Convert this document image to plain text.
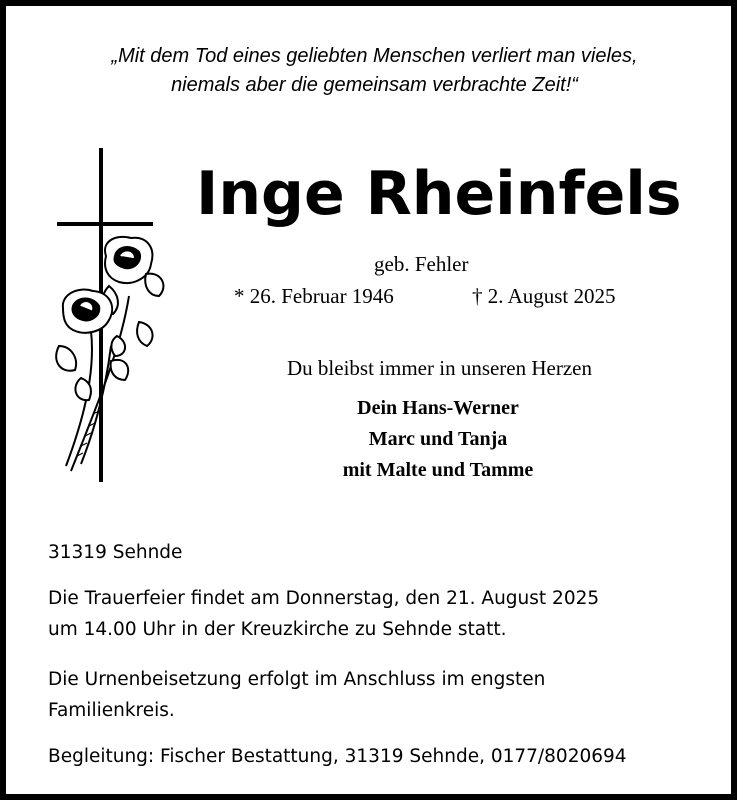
„Mit dem Tod eines geliebten Menschen verliert man vieles,
niemals aber die gemeinsam verbrachte Zeit!“
Inge Rheinfels
geb. Fehler
* 26. Februar 1946	† 2. August 2025
Du bleibst immer in unseren Herzen
Dein Hans-Werner
Marc und Tanja
mit Malte und Tamme
31319 Sehnde
Die Trauerfeier findet am Donnerstag, den 21. August 2025
um 14.00 Uhr in der Kreuzkirche zu Sehnde statt.
Die Urnenbeisetzung erfolgt im Anschluss im engsten
Familienkreis.
Begleitung: Fischer Bestattung, 31319 Sehnde, 0177/8020694
